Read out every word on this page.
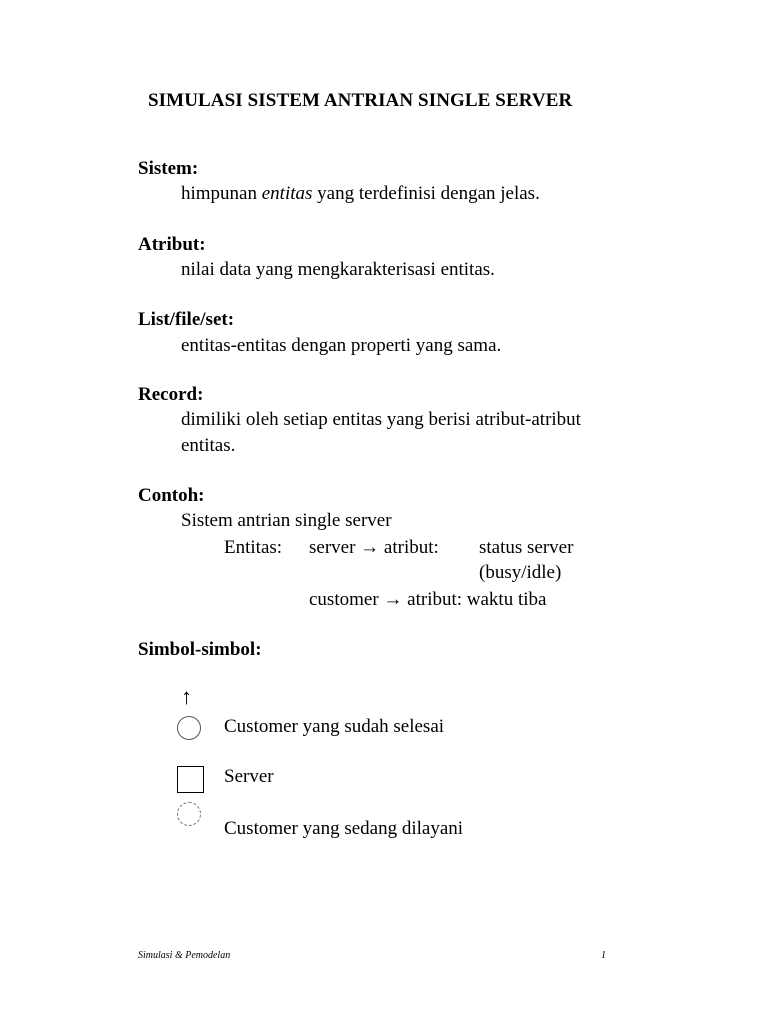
SIMULASI SISTEM ANTRIAN SINGLE SERVER
Sistem:
himpunan entitas yang terdefinisi dengan jelas.
Atribut:
nilai data yang mengkarakterisasi entitas.
List/file/set:
entitas-entitas dengan properti yang sama.
Record:
dimiliki oleh setiap entitas yang berisi atribut-atribut
entitas.
Contoh:
Sistem antrian single server
Entitas: server → atribut: status server
(busy/idle)
customer → atribut: waktu tiba
Simbol-simbol:
↑
Customer yang sudah selesai
Server
Customer yang sedang dilayani
Simulasi & Pemodelan	1
